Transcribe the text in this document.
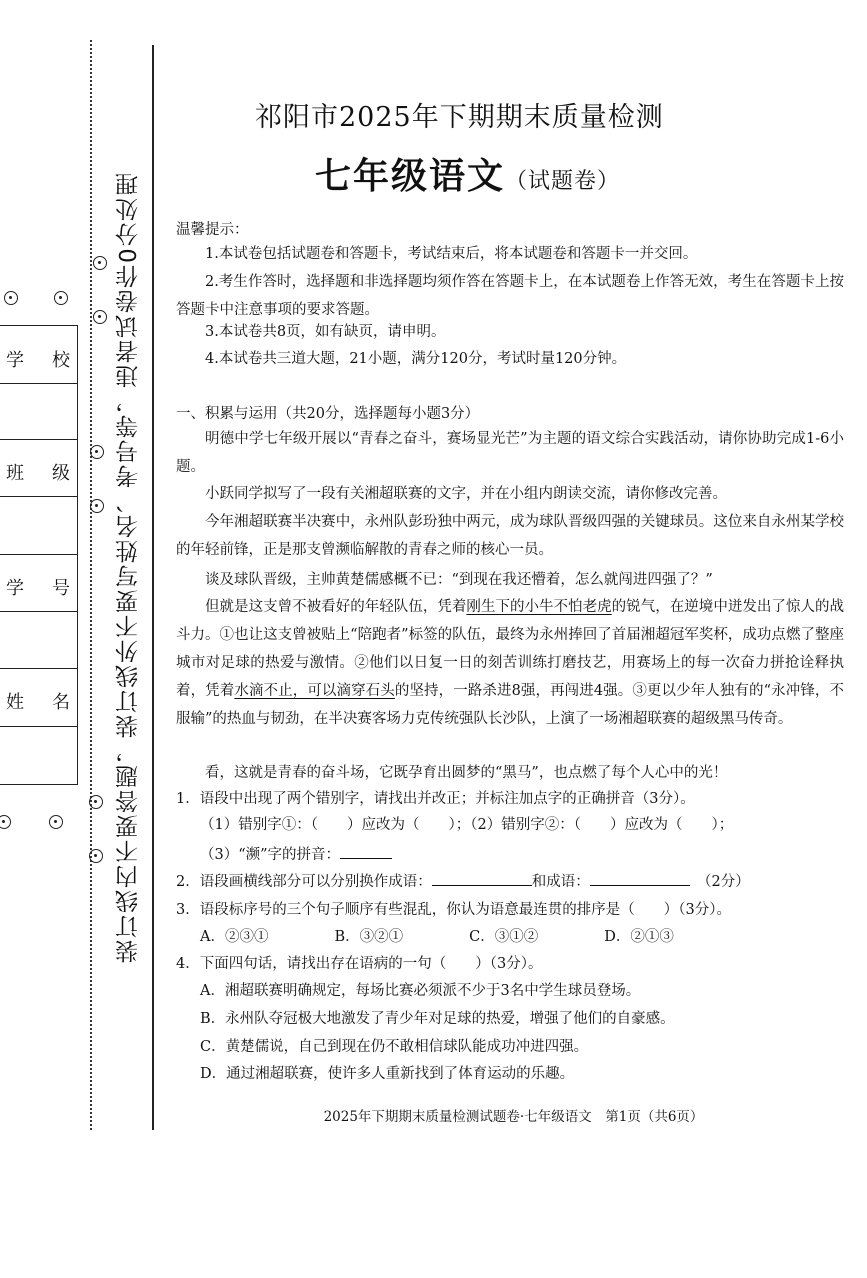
学 校
班 级
学 号
姓 名 装订线内不要答题，装订线外不要写姓名、考号等，违者试卷作0分处理
祁阳市2025年下期期末质量检测
七年级语文（试题卷）
温馨提示：
1.本试卷包括试题卷和答题卡，考试结束后，将本试题卷和答题卡一并交回。
2.考生作答时，选择题和非选择题均须作答在答题卡上，在本试题卷上作答无效，考生在答题卡上按答题卡中注意事项的要求答题。
3.本试卷共8页，如有缺页，请申明。
4.本试卷共三道大题，21小题，满分120分，考试时量120分钟。
一、积累与运用（共20分，选择题每小题3分）
明德中学七年级开展以“青春之奋斗，赛场显光芒”为主题的语文综合实践活动，请你协助完成1-6小题。
小跃同学拟写了一段有关湘超联赛的文字，并在小组内朗读交流，请你修改完善。
今年湘超联赛半决赛中，永州队彭玢独中两元，成为球队晋级四强的关键球员。这位来自永州某学校的年轻前锋，正是那支曾濒临解散的青春之师的核心一员。
谈及球队晋级，主帅黄楚儒感概不已：“到现在我还懵着，怎么就闯进四强了？”
但就是这支曾不被看好的年轻队伍，凭着刚生下的小牛不怕老虎的锐气，在逆境中迸发出了惊人的战斗力。①也让这支曾被贴上“陪跑者”标签的队伍，最终为永州捧回了首届湘超冠军奖杯，成功点燃了整座城市对足球的热爱与激情。②他们以日复一日的刻苦训练打磨技艺，用赛场上的每一次奋力拼抢诠释执着，凭着水滴不止，可以滴穿石头的坚持，一路杀进8强，再闯进4强。③更以少年人独有的“永冲锋，不服输”的热血与韧劲，在半决赛客场力克传统强队长沙队，上演了一场湘超联赛的超级黑马传奇。
看，这就是青春的奋斗场，它既孕育出圆梦的“黑马”，也点燃了每个人心中的光！
1．语段中出现了两个错别字，请找出并改正；并标注加点字的正确拼音（3分）。
（1）错别字①：（　　）应改为（　　）；（2）错别字②：（　　）应改为（　　）；
（3）“濒”字的拼音：
2．语段画横线部分可以分别换作成语：	和成语：　	（2分）
3．语段标序号的三个句子顺序有些混乱，你认为语意最连贯的排序是（　　）（3分）。
A．②③①	B．③②①	C．③①②	D．②①③
4．下面四句话，请找出存在语病的一句（　　）（3分）。
A．湘超联赛明确规定，每场比赛必须派不少于3名中学生球员登场。
B．永州队夺冠极大地激发了青少年对足球的热爱，增强了他们的自豪感。
C．黄楚儒说，自己到现在仍不敢相信球队能成功冲进四强。
D．通过湘超联赛，使许多人重新找到了体育运动的乐趣。
2025年下期期末质量检测试题卷·七年级语文　第1页（共6页）
